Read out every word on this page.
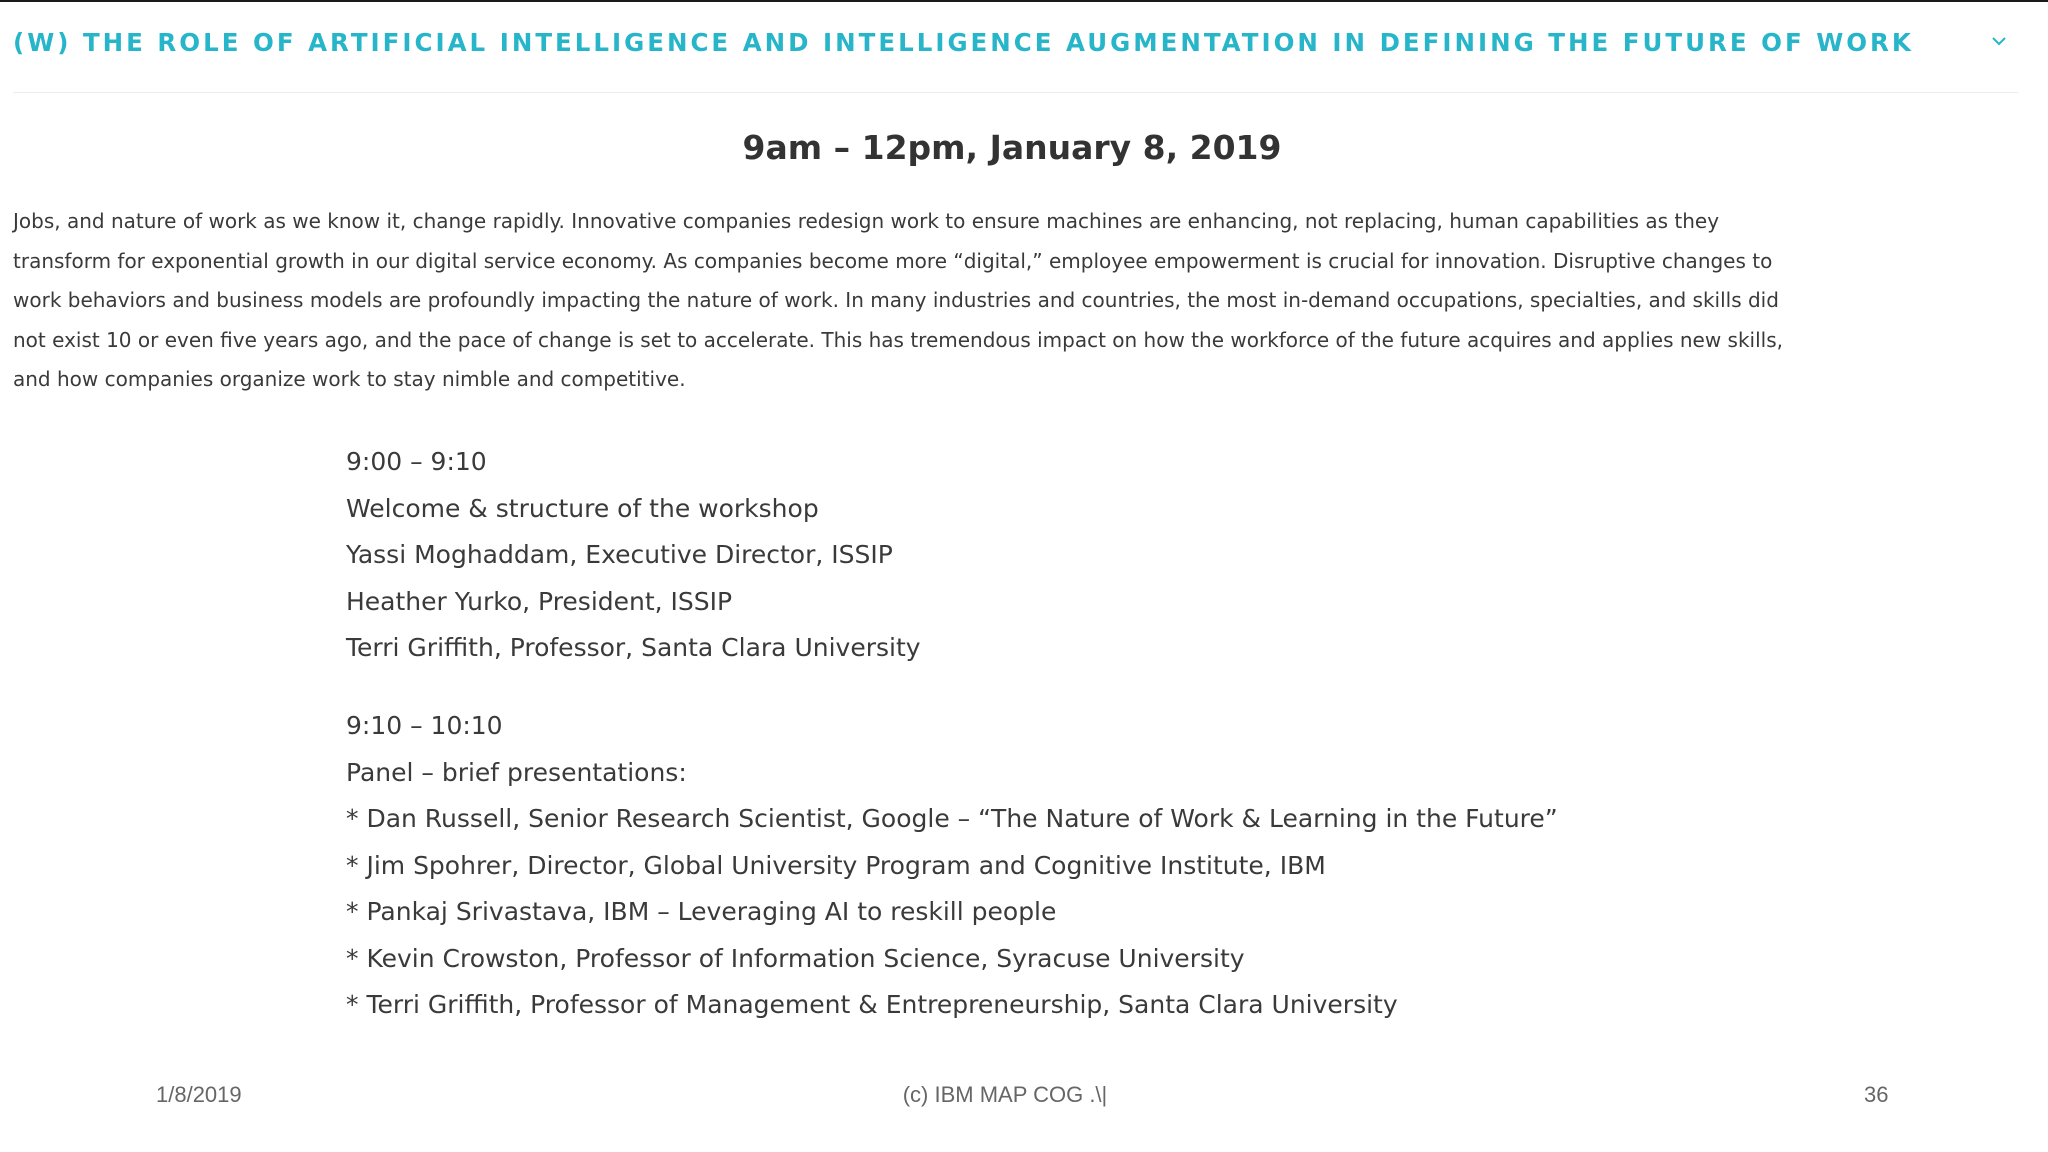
(W) THE ROLE OF ARTIFICIAL INTELLIGENCE AND INTELLIGENCE AUGMENTATION IN DEFINING THE FUTURE OF WORK
9am – 12pm, January 8, 2019
Jobs, and nature of work as we know it, change rapidly. Innovative companies redesign work to ensure machines are enhancing, not replacing, human capabilities as they
transform for exponential growth in our digital service economy. As companies become more “digital,” employee empowerment is crucial for innovation. Disruptive changes to
work behaviors and business models are profoundly impacting the nature of work. In many industries and countries, the most in-demand occupations, specialties, and skills did
not exist 10 or even five years ago, and the pace of change is set to accelerate. This has tremendous impact on how the workforce of the future acquires and applies new skills,
and how companies organize work to stay nimble and competitive.
9:00 – 9:10
Welcome & structure of the workshop
Yassi Moghaddam, Executive Director, ISSIP
Heather Yurko, President, ISSIP
Terri Griffith, Professor, Santa Clara University
9:10 – 10:10
Panel – brief presentations:
* Dan Russell, Senior Research Scientist, Google – “The Nature of Work & Learning in the Future”
* Jim Spohrer, Director, Global University Program and Cognitive Institute, IBM
* Pankaj Srivastava, IBM – Leveraging AI to reskill people
* Kevin Crowston, Professor of Information Science, Syracuse University
* Terri Griffith, Professor of Management & Entrepreneurship, Santa Clara University
1/8/2019	(c) IBM MAP COG .\|	36
